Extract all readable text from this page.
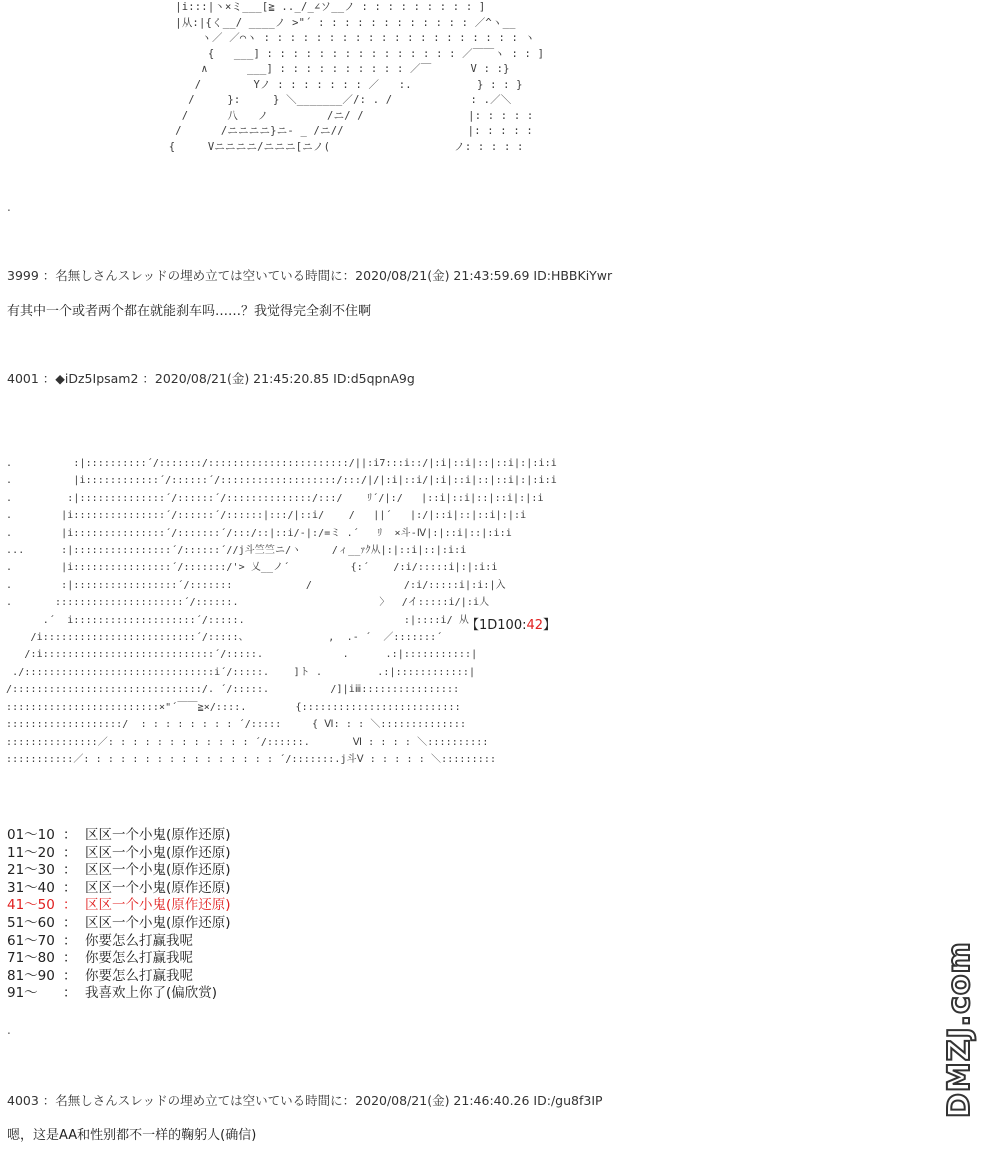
|i:::|丶×ミ___[≧ .._/_∠ソ__ノ : : : : : : : : : ]
|从:|{く__/ ____ノ >"´ : : : : : : : : : : : : ／^ヽ__
ヽ／ ／⌒ヽ : : : : : : : : : : : : : : : : : : : : ヽ
{   ___] : : : : : : : : : : : : : : : ／￣￣ヽ : : ]
∧      ___] : : : : : : : : : : ／￣      V : :}
/        Yノ : : : : : : : ／   :.          } : : }
/     }:     } ＼_______／/: . /            : .／＼
/      八   ノ         /ニ/ /                |: : : : :
/      /ニニニニ}ニ- _ /ニ//                   |: : : : :
{     Vニニニニ/ニニニ[ニノ(                   ノ: : : : :
.
3999 ：名無しさんスレッドの埋め立ては空いている時間に：2020/08/21(金) 21:43:59.69 ID:HBBKiYwr
有其中一个或者两个都在就能刹车吗……？我觉得完全刹不住啊
4001 ：◆iDz5Ipsam2 ：2020/08/21(金) 21:45:20.85 ID:d5qpnA9g
.          :|::::::::::´/:::::::/:::::::::::::::::::::::/||:i7:::i::/|:i|::i|::|::i|:|:i:i
.          |i::::::::::::´/::::::´/:::::::::::::::::::/:::/|/|:i|::i/|:i|::i|::|::i|:|:i:i
.         :|::::::::::::::´/::::::´/::::::::::::::/:::/    ﾘ´/|:/   |::i|::i|::|::i|:|:i
.        |i:::::::::::::::´/::::::´/::::::|:::/|::i/    /   ||´   |:/|::i|::|::i|:|:i
.        |i:::::::::::::::´/:::::::´/:::/::|::i/-|:/=ミ .´   ﾘ  ×斗-Ⅳ|:|::i|::|:i:i
...      :|::::::::::::::::´/::::::´//j斗竺竺ニ/ヽ     /ィ__ｧｸ从|:|::i|::|:i:i
.        |i::::::::::::::::´/:::::::/'> 乂__ノ´          {:´    /:i/:::::i|:|:i:i
.        :|:::::::::::::::::´/:::::::            /               /:i/:::::i|:i:|入
.       :::::::::::::::::::::´/::::::.                       〉  /イ:::::i/|:i人
.´  i::::::::::::::::::::´/:::::.                          :|::::i/ 从
/i:::::::::::::::::::::::::´/:::::、             ,  .- ´  ／:::::::´
/:i::::::::::::::::::::::::::::´/:::::.             .      .:|:::::::::::|
./:::::::::::::::::::::::::::::::i´/:::::.    ]ト .         .:|::::::::::::|
/:::::::::::::::::::::::::::::::/. ´/:::::.          /]|iⅲ::::::::::::::::
:::::::::::::::::::::::::×"´￣￣≧×/::::.        {::::::::::::::::::::::::::
:::::::::::::::::::/  : : : : : : : : ´/:::::     { Ⅵ: : : ＼::::::::::::::
:::::::::::::::／: : : : : : : : : : : : ´/::::::.       Ⅵ : : : : ＼::::::::::
:::::::::::／: : : : : : : : : : : : : : : : ´/:::::::.j斗Ⅴ : : : : : ＼:::::::::
【1D100:42】
01～10 ： 区区一个小鬼(原作还原)
11～20 ： 区区一个小鬼(原作还原)
21～30 ： 区区一个小鬼(原作还原)
31～40 ： 区区一个小鬼(原作还原)
41～50 ： 区区一个小鬼(原作还原)
51～60 ： 区区一个小鬼(原作还原)
61～70 ： 你要怎么打赢我呢
71～80 ： 你要怎么打赢我呢
81～90 ： 你要怎么打赢我呢
91～ ： 我喜欢上你了(偏欣赏)
.
4003 ：名無しさんスレッドの埋め立ては空いている時間に：2020/08/21(金) 21:46:40.26 ID:/gu8f3IP
嗯，这是AA和性别都不一样的鞠躬人(确信)
DMZJ.com
